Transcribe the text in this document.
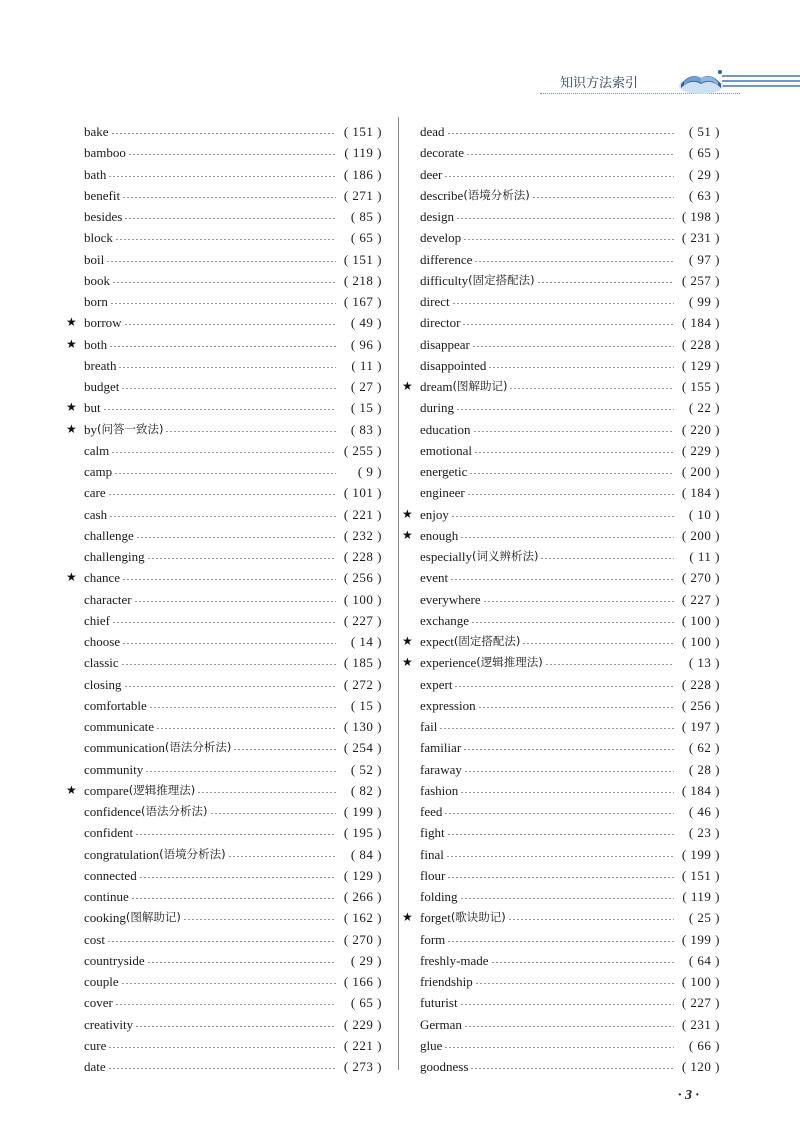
知识方法索引
bake	( 151 )
bamboo	( 119 )
bath	( 186 )
benefit	( 271 )
besides	( 85 )
block	( 65 )
boil	( 151 )
book	( 218 )
born	( 167 )
★ borrow	( 49 )
★ both	( 96 )
breath	( 11 )
budget	( 27 )
★ but	( 15 )
★ by (问答一致法)	( 83 )
calm	( 255 )
camp	( 9 )
care	( 101 )
cash	( 221 )
challenge	( 232 )
challenging	( 228 )
★ chance	( 256 )
character	( 100 )
chief	( 227 )
choose	( 14 )
classic	( 185 )
closing	( 272 )
comfortable	( 15 )
communicate	( 130 )
communication (语法分析法)	( 254 )
community	( 52 )
★ compare (逻辑推理法)	( 82 )
confidence (语法分析法)	( 199 )
confident	( 195 )
congratulation (语境分析法)	( 84 )
connected	( 129 )
continue	( 266 )
cooking (图解助记)	( 162 )
cost	( 270 )
countryside	( 29 )
couple	( 166 )
cover	( 65 )
creativity	( 229 )
cure	( 221 )
date	( 273 )
dead	( 51 )
decorate	( 65 )
deer	( 29 )
describe (语境分析法)	( 63 )
design	( 198 )
develop	( 231 )
difference	( 97 )
difficulty (固定搭配法)	( 257 )
direct	( 99 )
director	( 184 )
disappear	( 228 )
disappointed	( 129 )
★ dream (图解助记)	( 155 )
during	( 22 )
education	( 220 )
emotional	( 229 )
energetic	( 200 )
engineer	( 184 )
★ enjoy	( 10 )
★ enough	( 200 )
especially (词义辨析法)	( 11 )
event	( 270 )
everywhere	( 227 )
exchange	( 100 )
★ expect (固定搭配法)	( 100 )
★ experience (逻辑推理法)	( 13 )
expert	( 228 )
expression	( 256 )
fail	( 197 )
familiar	( 62 )
faraway	( 28 )
fashion	( 184 )
feed	( 46 )
fight	( 23 )
final	( 199 )
flour	( 151 )
folding	( 119 )
★ forget (歌诀助记)	( 25 )
form	( 199 )
freshly-made	( 64 )
friendship	( 100 )
futurist	( 227 )
German	( 231 )
glue	( 66 )
goodness	( 120 )
· 3 ·
